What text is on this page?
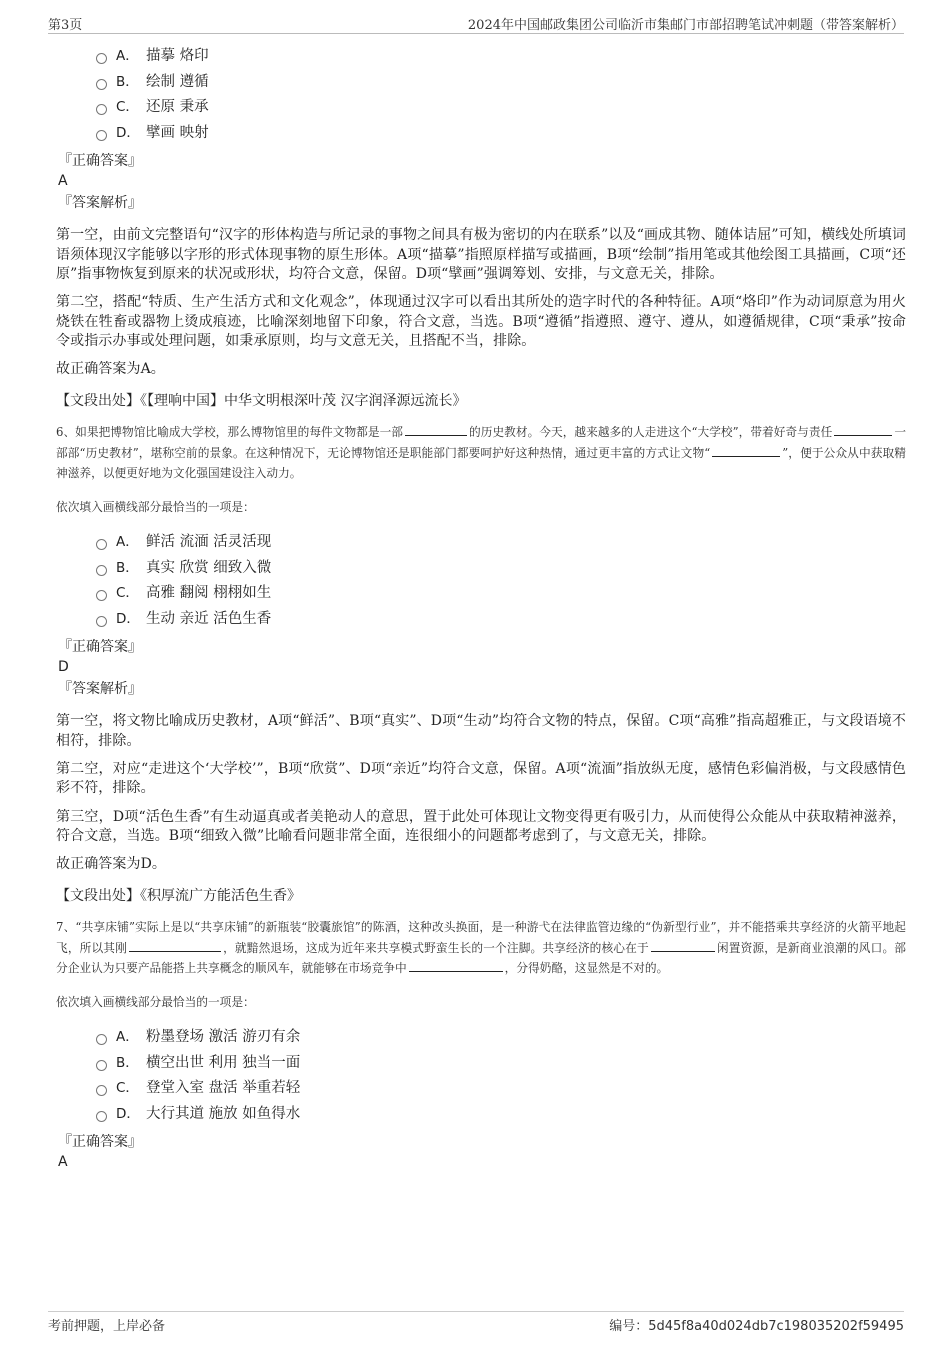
第3页	2024年中国邮政集团公司临沂市集邮门市部招聘笔试冲刺题（带答案解析）
A． 描摹 烙印
B． 绘制 遵循
C． 还原 秉承
D． 擘画 映射
『正确答案』
A
『答案解析』

第一空，由前文完整语句“汉字的形体构造与所记录的事物之间具有极为密切的内在联系”以及“画成其物、随体诘屈”可知，横线处所填词语须体现汉字能够以字形的形式体现事物的原生形体。A项“描摹”指照原样描写或描画，B项“绘制”指用笔或其他绘图工具描画，C项“还原”指事物恢复到原来的状况或形状，均符合文意，保留。D项“擘画”强调筹划、安排，与文意无关，排除。

第二空，搭配“特质、生产生活方式和文化观念”，体现通过汉字可以看出其所处的造字时代的各种特征。A项“烙印”作为动词原意为用火烧铁在牲畜或器物上烫成痕迹，比喻深刻地留下印象，符合文意，当选。B项“遵循”指遵照、遵守、遵从，如遵循规律，C项“秉承”按命令或指示办事或处理问题，如秉承原则，均与文意无关，且搭配不当，排除。

故正确答案为A。

【文段出处】《【理响中国】中华文明根深叶茂 汉字润泽源远流长》

6、如果把博物馆比喻成大学校，那么博物馆里的每件文物都是一部	的历史教材。今天，越来越多的人走进这个“大学校”，带着好奇与责任	一部部“历史教材”，堪称空前的景象。在这种情况下，无论博物馆还是职能部门都要呵护好这种热情，通过更丰富的方式让文物“	”，便于公众从中获取精神滋养，以便更好地为文化强国建设注入动力。

依次填入画横线部分最恰当的一项是：

A． 鲜活 流湎 活灵活现
B． 真实 欣赏 细致入微
C． 高雅 翻阅 栩栩如生
D． 生动 亲近 活色生香
『正确答案』
D
『答案解析』

第一空，将文物比喻成历史教材，A项“鲜活”、B项“真实”、D项“生动”均符合文物的特点，保留。C项“高雅”指高超雅正，与文段语境不相符，排除。

第二空，对应“走进这个‘大学校’”，B项“欣赏”、D项“亲近”均符合文意，保留。A项“流湎”指放纵无度，感情色彩偏消极，与文段感情色彩不符，排除。

第三空，D项“活色生香”有生动逼真或者美艳动人的意思，置于此处可体现让文物变得更有吸引力，从而使得公众能从中获取精神滋养，符合文意，当选。B项“细致入微”比喻看问题非常全面，连很细小的问题都考虑到了，与文意无关，排除。

故正确答案为D。

【文段出处】《积厚流广方能活色生香》

7、“共享床铺”实际上是以“共享床铺”的新瓶装“胶囊旅馆”的陈酒，这种改头换面，是一种游弋在法律监管边缘的“伪新型行业”，并不能搭乘共享经济的火箭平地起飞，所以其刚	，就黯然退场，这成为近年来共享模式野蛮生长的一个注脚。共享经济的核心在于	闲置资源，是新商业浪潮的风口。部分企业认为只要产品能搭上共享概念的顺风车，就能够在市场竞争中	，分得奶酪，这显然是不对的。

依次填入画横线部分最恰当的一项是：

A． 粉墨登场 激活 游刃有余
B． 横空出世 利用 独当一面
C． 登堂入室 盘活 举重若轻
D． 大行其道 施放 如鱼得水
『正确答案』
A
考前押题，上岸必备	编号：5d45f8a40d024db7c198035202f59495
